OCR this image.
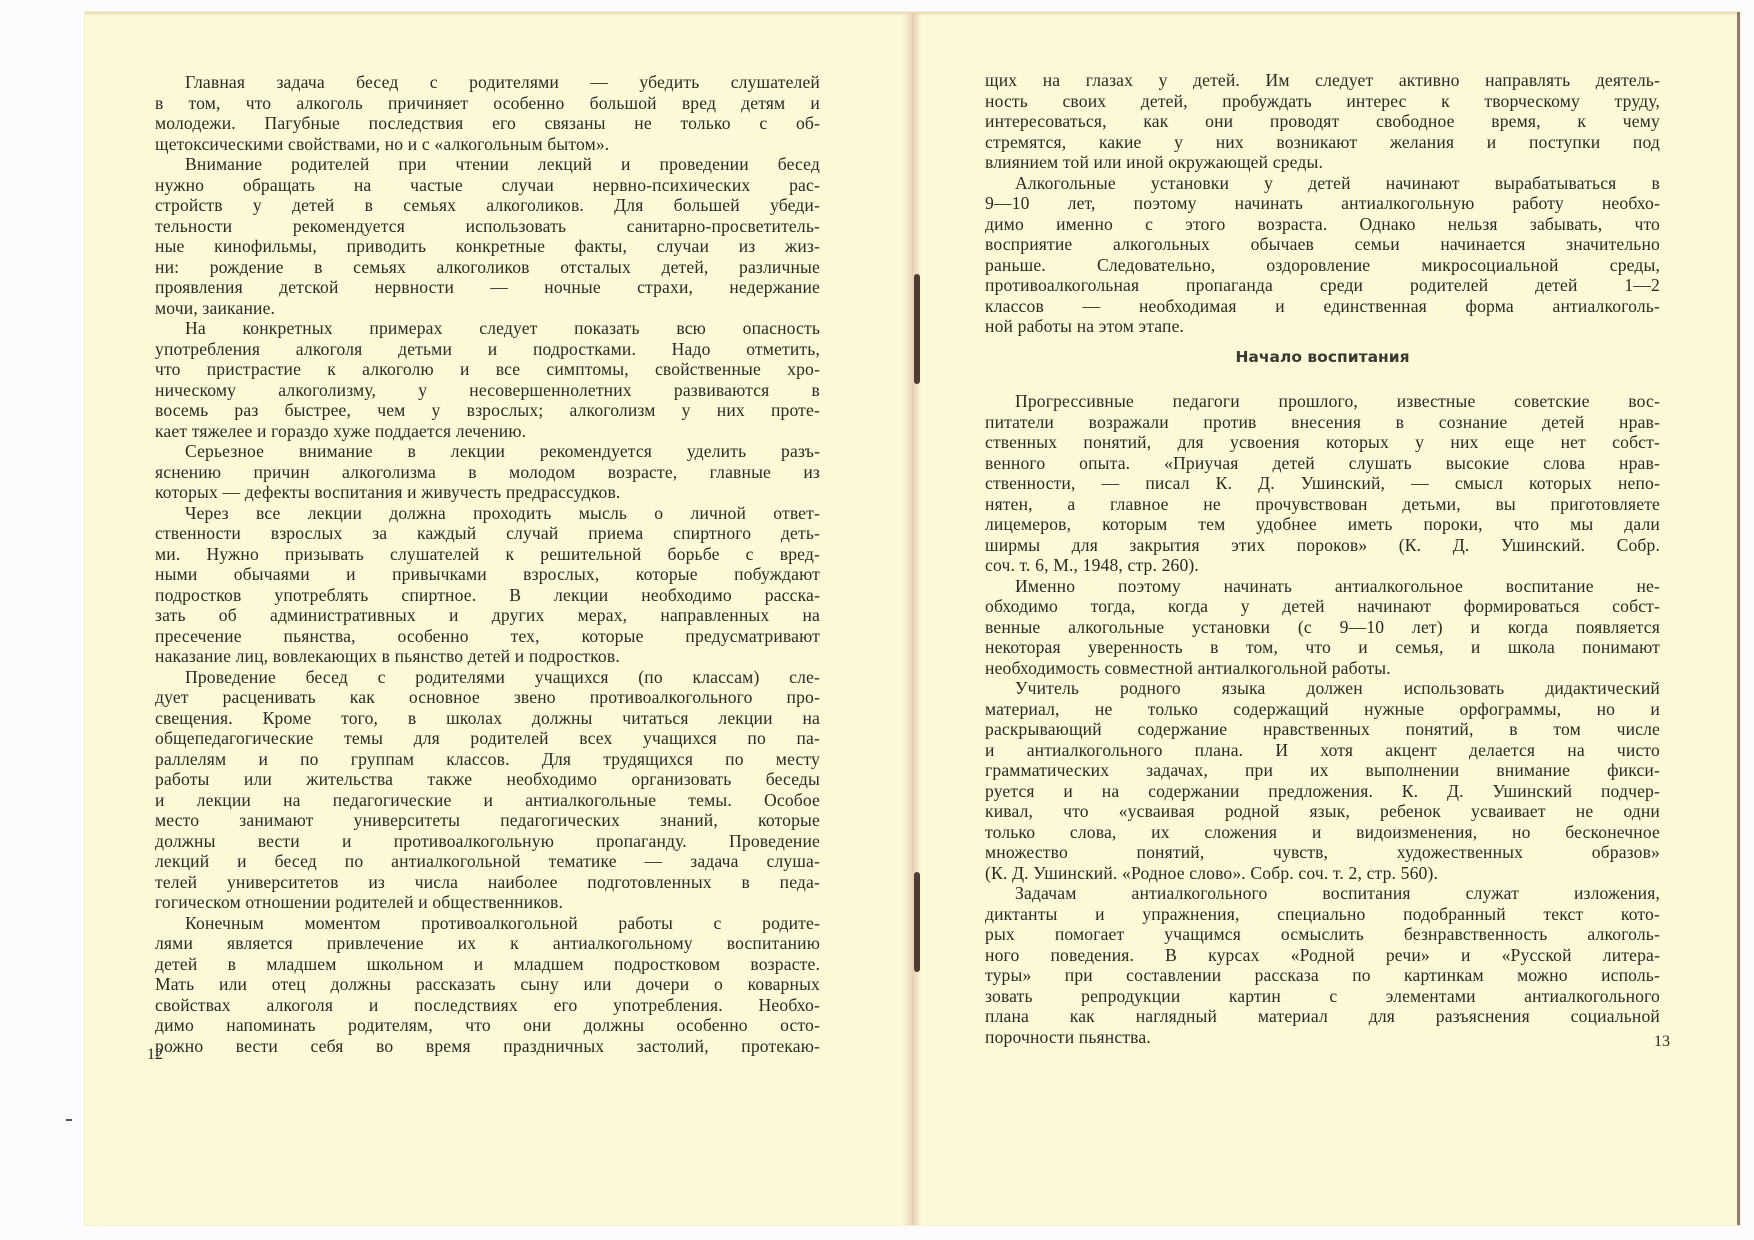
Главная задача бесед с родителями — убедить слушателей
в том, что алкоголь причиняет особенно большой вред детям и
молодежи. Пагубные последствия его связаны не только с об-
щетоксическими свойствами, но и с «алкогольным бытом».
Внимание родителей при чтении лекций и проведении бесед
нужно обращать на частые случаи нервно-психических рас-
стройств у детей в семьях алкоголиков. Для большей убеди-
тельности рекомендуется использовать санитарно-просветитель-
ные кинофильмы, приводить конкретные факты, случаи из жиз-
ни: рождение в семьях алкоголиков отсталых детей, различные
проявления детской нервности — ночные страхи, недержание
мочи, заикание.
На конкретных примерах следует показать всю опасность
употребления алкоголя детьми и подростками. Надо отметить,
что пристрастие к алкоголю и все симптомы, свойственные хро-
ническому алкоголизму, у несовершеннолетних развиваются в
восемь раз быстрее, чем у взрослых; алкоголизм у них проте-
кает тяжелее и гораздо хуже поддается лечению.
Серьезное внимание в лекции рекомендуется уделить разъ-
яснению причин алкоголизма в молодом возрасте, главные из
которых — дефекты воспитания и живучесть предрассудков.
Через все лекции должна проходить мысль о личной ответ-
ственности взрослых за каждый случай приема спиртного деть-
ми. Нужно призывать слушателей к решительной борьбе с вред-
ными обычаями и привычками взрослых, которые побуждают
подростков употреблять спиртное. В лекции необходимо расска-
зать об административных и других мерах, направленных на
пресечение пьянства, особенно тех, которые предусматривают
наказание лиц, вовлекающих в пьянство детей и подростков.
Проведение бесед с родителями учащихся (по классам) сле-
дует расценивать как основное звено противоалкогольного про-
свещения. Кроме того, в школах должны читаться лекции на
общепедагогические темы для родителей всех учащихся по па-
раллелям и по группам классов. Для трудящихся по месту
работы или жительства также необходимо организовать беседы
и лекции на педагогические и антиалкогольные темы. Особое
место занимают университеты педагогических знаний, которые
должны вести и противоалкогольную пропаганду. Проведение
лекций и бесед по антиалкогольной тематике — задача слуша-
телей университетов из числа наиболее подготовленных в педа-
гогическом отношении родителей и общественников.
Конечным моментом противоалкогольной работы с родите-
лями является привлечение их к антиалкогольному воспитанию
детей в младшем школьном и младшем подростковом возрасте.
Мать или отец должны рассказать сыну или дочери о коварных
свойствах алкоголя и последствиях его употребления. Необхо-
димо напоминать родителям, что они должны особенно осто-
рожно вести себя во время праздничных застолий, протекаю-
12
щих на глазах у детей. Им следует активно направлять деятель-
ность своих детей, пробуждать интерес к творческому труду,
интересоваться, как они проводят свободное время, к чему
стремятся, какие у них возникают желания и поступки под
влиянием той или иной окружающей среды.
Алкогольные установки у детей начинают вырабатываться в
9—10 лет, поэтому начинать антиалкогольную работу необхо-
димо именно с этого возраста. Однако нельзя забывать, что
восприятие алкогольных обычаев семьи начинается значительно
раньше. Следовательно, оздоровление микросоциальной среды,
противоалкогольная пропаганда среди родителей детей 1—2
классов — необходимая и единственная форма антиалкоголь-
ной работы на этом этапе.
Начало воспитания
Прогрессивные педагоги прошлого, известные советские вос-
питатели возражали против внесения в сознание детей нрав-
ственных понятий, для усвоения которых у них еще нет собст-
венного опыта. «Приучая детей слушать высокие слова нрав-
ственности, — писал К. Д. Ушинский, — смысл которых непо-
нятен, а главное не прочувствован детьми, вы приготовляете
лицемеров, которым тем удобнее иметь пороки, что мы дали
ширмы для закрытия этих пороков» (К. Д. Ушинский. Собр.
соч. т. 6, М., 1948, стр. 260).
Именно поэтому начинать антиалкогольное воспитание не-
обходимо тогда, когда у детей начинают формироваться собст-
венные алкогольные установки (с 9—10 лет) и когда появляется
некоторая уверенность в том, что и семья, и школа понимают
необходимость совместной антиалкогольной работы.
Учитель родного языка должен использовать дидактический
материал, не только содержащий нужные орфограммы, но и
раскрывающий содержание нравственных понятий, в том числе
и антиалкогольного плана. И хотя акцент делается на чисто
грамматических задачах, при их выполнении внимание фикси-
руется и на содержании предложения. К. Д. Ушинский подчер-
кивал, что «усваивая родной язык, ребенок усваивает не одни
только слова, их сложения и видоизменения, но бесконечное
множество понятий, чувств, художественных образов»
(К. Д. Ушинский. «Родное слово». Собр. соч. т. 2, стр. 560).
Задачам антиалкогольного воспитания служат изложения,
диктанты и упражнения, специально подобранный текст кото-
рых помогает учащимся осмыслить безнравственность алкоголь-
ного поведения. В курсах «Родной речи» и «Русской литера-
туры» при составлении рассказа по картинкам можно исполь-
зовать репродукции картин с элементами антиалкогольного
плана как наглядный материал для разъяснения социальной
порочности пьянства.	13
